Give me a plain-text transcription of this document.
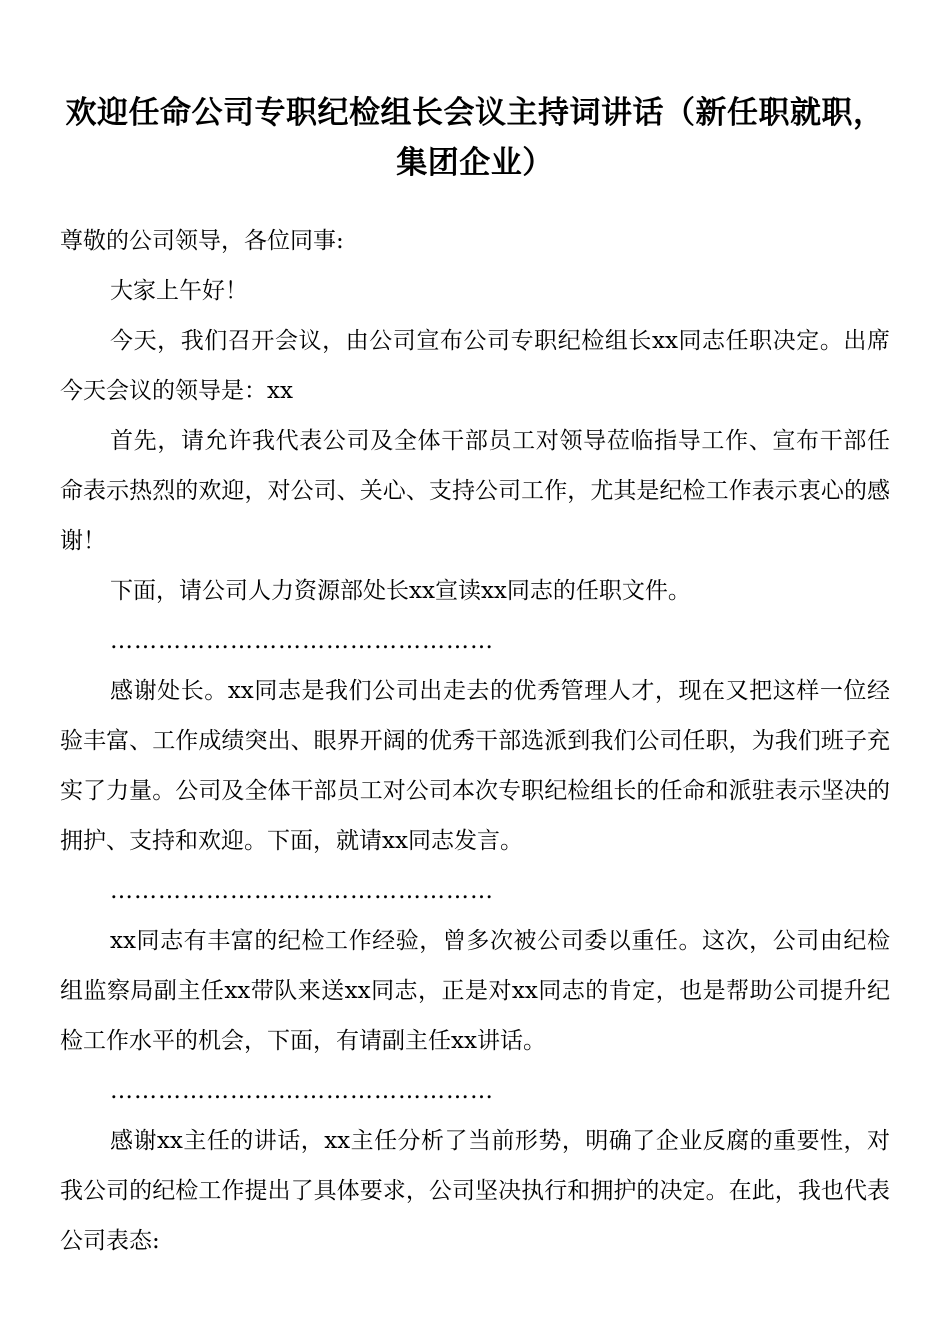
欢迎任命公司专职纪检组长会议主持词讲话（新任职就职，集团企业）

尊敬的公司领导，各位同事:

大家上午好！

今天，我们召开会议，由公司宣布公司专职纪检组长xx同志任职决定。出席今天会议的领导是：xx

首先，请允许我代表公司及全体干部员工对领导莅临指导工作、宣布干部任命表示热烈的欢迎，对公司、关心、支持公司工作，尤其是纪检工作表示衷心的感谢！

下面，请公司人力资源部处长xx宣读xx同志的任职文件。

…………………………………………

感谢处长。xx同志是我们公司出走去的优秀管理人才，现在又把这样一位经验丰富、工作成绩突出、眼界开阔的优秀干部选派到我们公司任职，为我们班子充实了力量。公司及全体干部员工对公司本次专职纪检组长的任命和派驻表示坚决的拥护、支持和欢迎。下面，就请xx同志发言。

…………………………………………

xx同志有丰富的纪检工作经验，曾多次被公司委以重任。这次，公司由纪检组监察局副主任xx带队来送xx同志，正是对xx同志的肯定，也是帮助公司提升纪检工作水平的机会，下面，有请副主任xx讲话。

…………………………………………

感谢xx主任的讲话，xx主任分析了当前形势，明确了企业反腐的重要性，对我公司的纪检工作提出了具体要求，公司坚决执行和拥护的决定。在此，我也代表公司表态:
